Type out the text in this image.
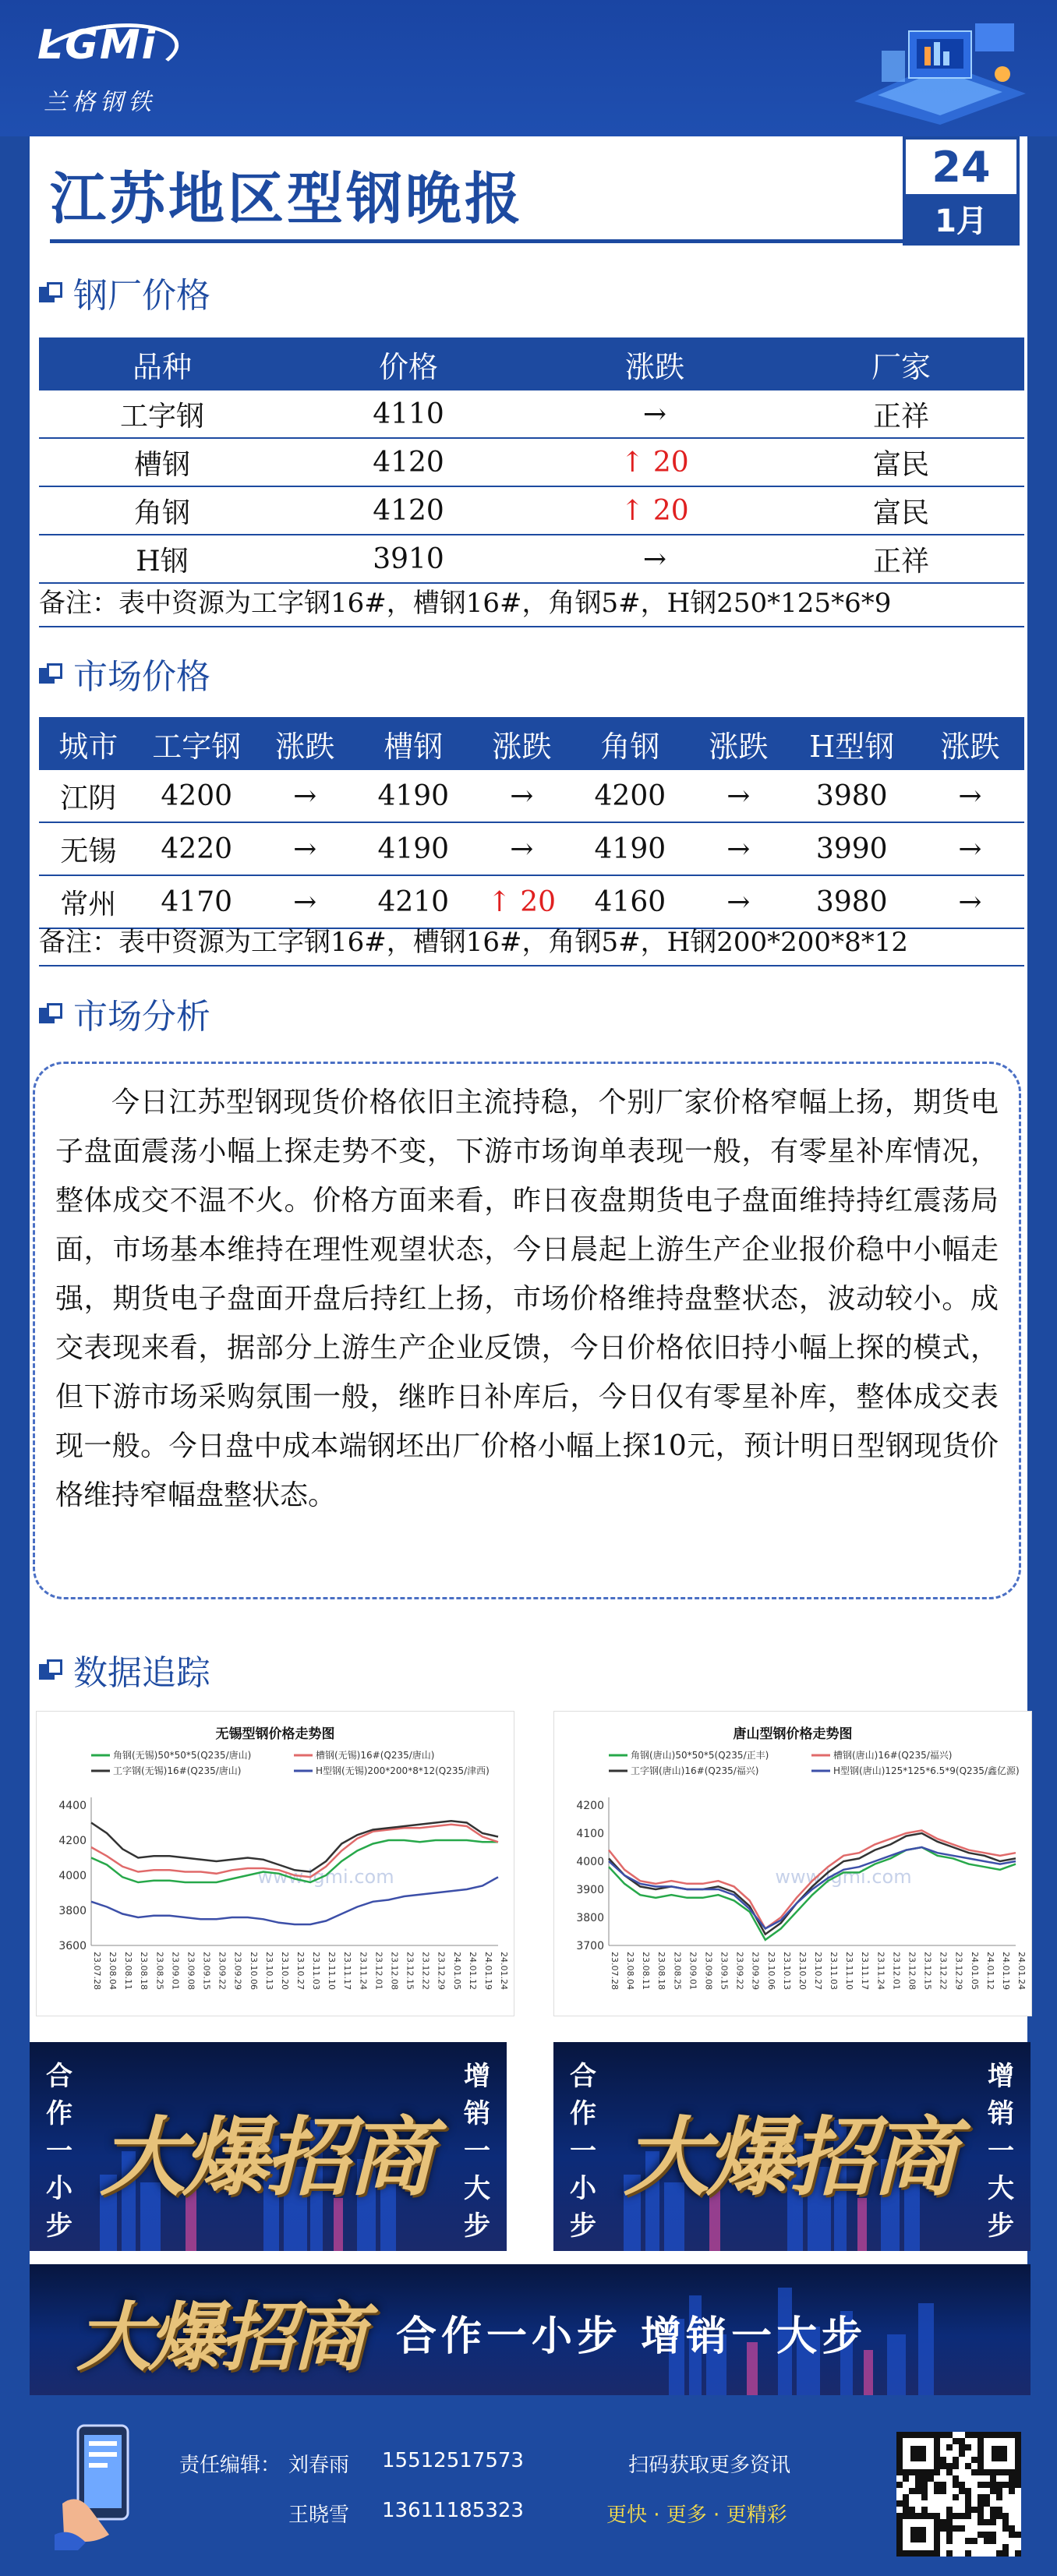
LGMi
兰格钢铁
江苏地区型钢晚报	24
1月
钢厂价格
品种	价格	涨跌	厂家
工字钢	4110	→	正祥
槽钢	4120	↑ 20	富民
角钢	4120	↑ 20	富民
H钢	3910	→	正祥
备注：表中资源为工字钢16#，槽钢16#，角钢5#，H钢250*125*6*9
市场价格
城市	工字钢	涨跌	槽钢	涨跌	角钢	涨跌	H型钢	涨跌
江阴	4200	→	4190	→	4200	→	3980	→
无锡	4220	→	4190	→	4190	→	3990	→
常州	4170	→	4210	↑ 20	4160	→	3980	→
备注：表中资源为工字钢16#，槽钢16#，角钢5#，H钢200*200*8*12
市场分析

今日江苏型钢现货价格依旧主流持稳，个别厂家价格窄幅上扬，期货电子盘面震荡小幅上探走势不变，下游市场询单表现一般，有零星补库情况，整体成交不温不火。价格方面来看，昨日夜盘期货电子盘面维持持红震荡局面，市场基本维持在理性观望状态，今日晨起上游生产企业报价稳中小幅走强，期货电子盘面开盘后持红上扬，市场价格维持盘整状态，波动较小。成交表现来看，据部分上游生产企业反馈，今日价格依旧持小幅上探的模式，但下游市场采购氛围一般，继昨日补库后，今日仅有零星补库，整体成交表现一般。今日盘中成本端钢坯出厂价格小幅上探10元，预计明日型钢现货价格维持窄幅盘整状态。

数据追踪
无锡型钢价格走势图
角钢(无锡)50*50*5(Q235/唐山)	槽钢(无锡)16#(Q235/唐山)
工字钢(无锡)16#(Q235/唐山)	H型钢(无锡)200*200*8*12(Q235/津西)
3600
3800
4000
4200
4400
23.07.28 23.08.04 23.08.11 23.08.18 23.08.25 23.09.01 23.09.08 23.09.15 23.09.22 23.09.29 23.10.06 23.10.13 23.10.20 23.10.27 23.11.03 23.11.10 23.11.17 23.11.24 23.12.01 23.12.08 23.12.15 23.12.22 23.12.29 24.01.05 24.01.12 24.01.19 24.01.24
www.lgmi.com
唐山型钢价格走势图
角钢(唐山)50*50*5(Q235/正丰)	槽钢(唐山)16#(Q235/福兴)
工字钢(唐山)16#(Q235/福兴)	H型钢(唐山)125*125*6.5*9(Q235/鑫亿源)
3700
3800
3900
4000
4100
4200
23.07.28 23.08.04 23.08.11 23.08.18 23.08.25 23.09.01 23.09.08 23.09.15 23.09.22 23.09.29 23.10.06 23.10.13 23.10.20 23.10.27 23.11.03 23.11.10 23.11.17 23.11.24 23.12.01 23.12.08 23.12.15 23.12.22 23.12.29 24.01.05 24.01.12 24.01.19 24.01.24
www.lgmi.com
合作一小步
增销一大步
大爆招商
合作一小步
增销一大步
大爆招商
大爆招商 合作一小步 增销一大步
责任编辑： 刘春雨 15512517573
王晓雪 13611185323
扫码获取更多资讯
更快 · 更多 · 更精彩
